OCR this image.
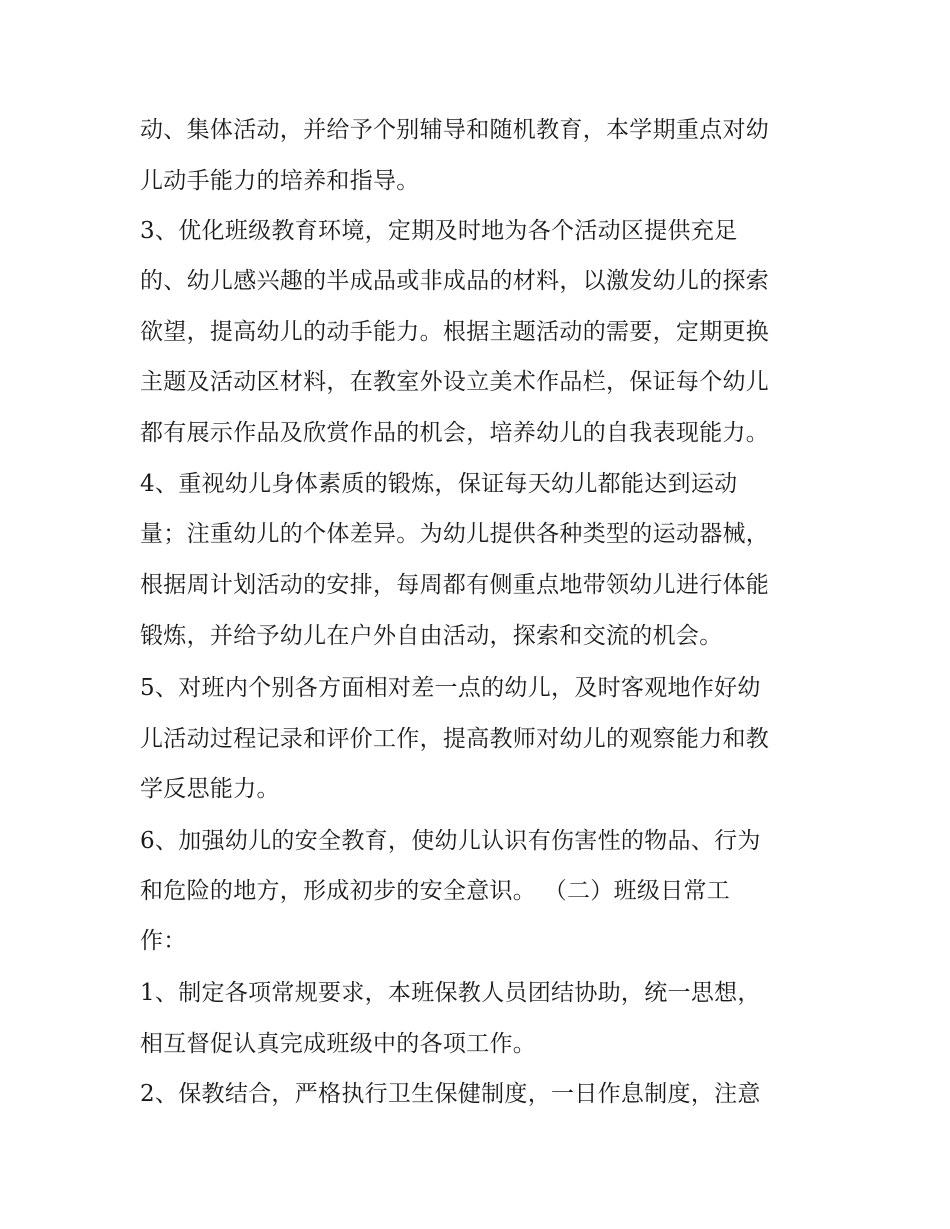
动、集体活动，并给予个别辅导和随机教育，本学期重点对幼

儿动手能力的培养和指导。

3、优化班级教育环境，定期及时地为各个活动区提供充足

的、幼儿感兴趣的半成品或非成品的材料，以激发幼儿的探索

欲望，提高幼儿的动手能力。根据主题活动的需要，定期更换

主题及活动区材料，在教室外设立美术作品栏，保证每个幼儿

都有展示作品及欣赏作品的机会，培养幼儿的自我表现能力。

4、重视幼儿身体素质的锻炼，保证每天幼儿都能达到运动

量；注重幼儿的个体差异。为幼儿提供各种类型的运动器械，

根据周计划活动的安排，每周都有侧重点地带领幼儿进行体能

锻炼，并给予幼儿在户外自由活动，探索和交流的机会。

5、对班内个别各方面相对差一点的幼儿，及时客观地作好幼

儿活动过程记录和评价工作，提高教师对幼儿的观察能力和教

学反思能力。

6、加强幼儿的安全教育，使幼儿认识有伤害性的物品、行为

和危险的地方，形成初步的安全意识。 （二）班级日常工

作：

1、制定各项常规要求，本班保教人员团结协助，统一思想，

相互督促认真完成班级中的各项工作。

2、保教结合，严格执行卫生保健制度，一日作息制度，注意
